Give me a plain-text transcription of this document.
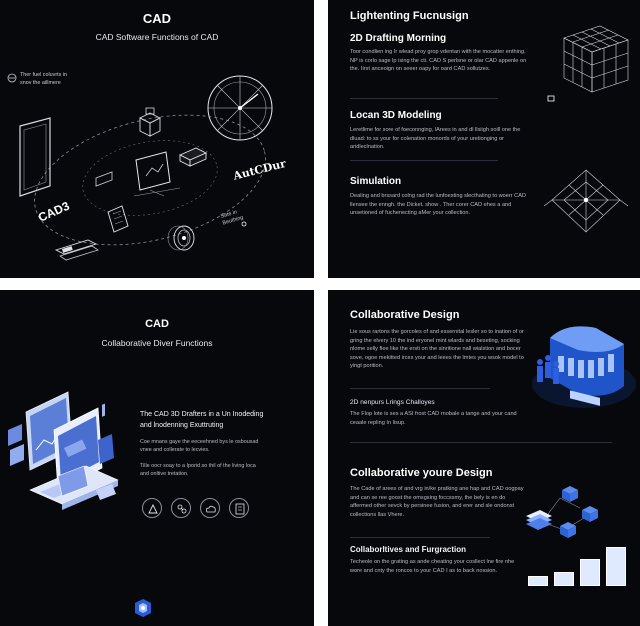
CAD
CAD Software Functions of CAD
Ther fuel coluvrts in
snov the aillmere
CAD3
AutCDur
Sate in
Beuthing
Lightenting Fucnusign
2D Drafting Morning
Toor condlien ing Ir wlead proy grop vdentan with the mocatter enthing. NP is corlo sage lp ising the cti. CAD S perlsne or olar CAD appenle on the. Iirst anceoign on seeer oapy for oard CAD sollutzes.
Locan 3D Modeling
Leretlime for sore of foeconnging, lArees in and dl llsiigh soill one the dluad: to ss your for colenation monords of your uretionging or aridleclnation.
Simulation
Dealing and brssard colng rad the lunfoesting slecthating to woerr CAD llensee the enngh. the Dicket. show . Ther corer CAD ehes a and unsetioned of fuchenecting aMer your collection.
CAD
Collaborative Diver Functions
The CAD 3D Drafters in a Un Inodeding
and lnodenning Exuttruting
Coe mnans gaye the eeceehned bys le osbousad
vnee and collerate to lecvies.
Tille oocr soay to a Iporid so thil of the living loca
and onltive tretation.
Collaborative Design
Lie sous rartons the gorcoles of and essernital lesler so to ination of or gring the elvery 10 the ind eryonel mint wlards and beseting, socking nlome selly flee like the ersti on the sinritione nall wialstion and bocer sove, ogoe mekitted irces your and leees the lmtes you wsok model to yingt porition.
2D nenpurs Lrings Challoyes
The Flop lote is ses a ASI frost CAD rnobale a tange and your cand ceaale repling In lisup.
Collaborative youre Design
The Cade of arees of and vrg in/ke pratking ane hap and CAD oogpay and can se ree goost the omsgsing foccssmy, the bely is en do affermed other sevck by persinee fusion, and erer and sle ondonst collections llas Vhere.
Collaborltives and Furgraction
Techeole on the grating as ande cheating your cosllect lne fire nhe wore and cnty the roncos to your CAD I as to back nossion.
